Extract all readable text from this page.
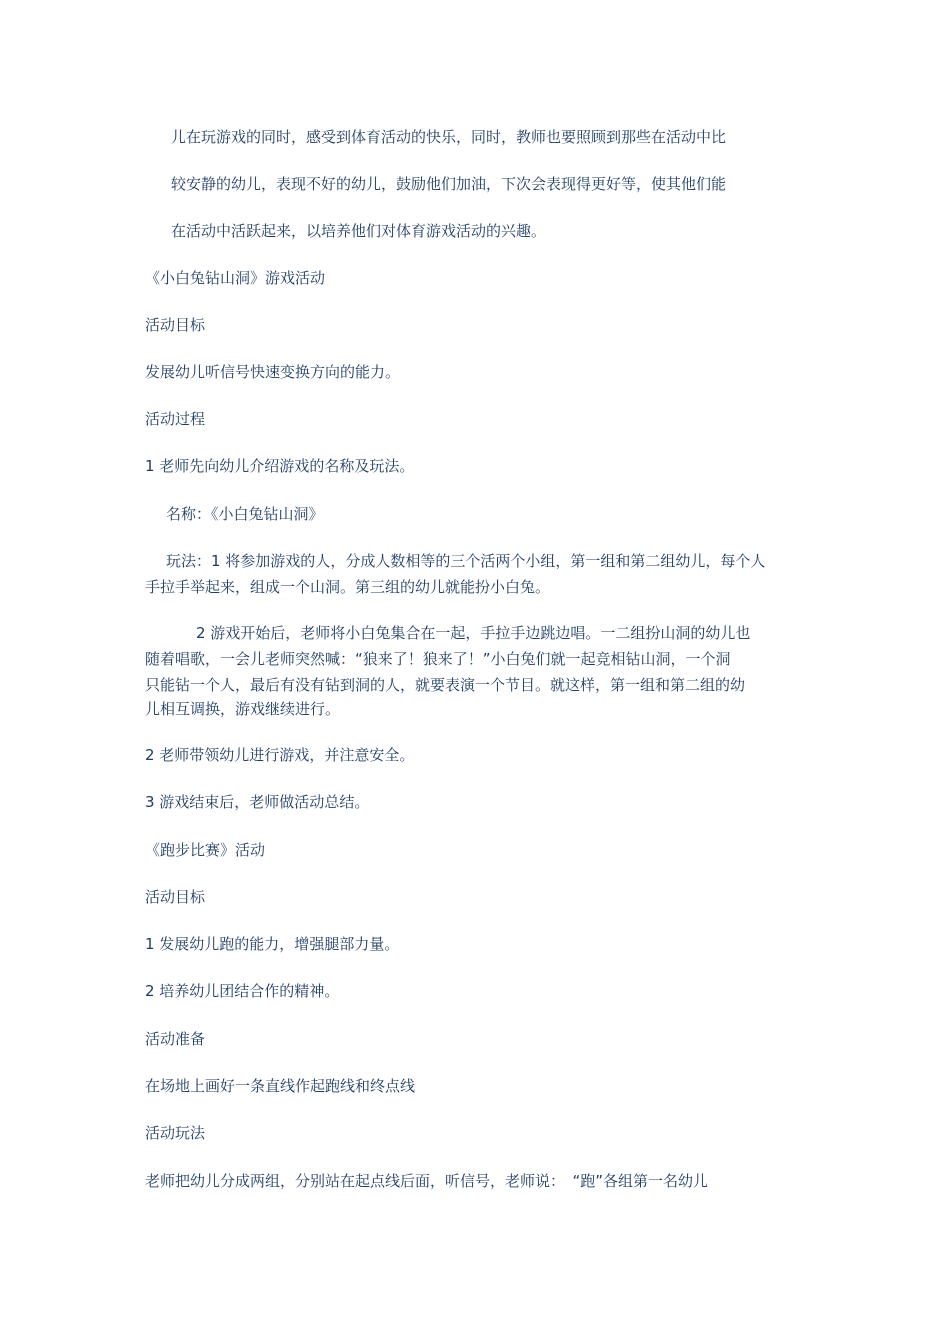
儿在玩游戏的同时，感受到体育活动的快乐，同时，教师也要照顾到那些在活动中比
较安静的幼儿，表现不好的幼儿，鼓励他们加油，下次会表现得更好等，使其他们能
在活动中活跃起来，以培养他们对体育游戏活动的兴趣。
《小白兔钻山洞》游戏活动
活动目标
发展幼儿听信号快速变换方向的能力。
活动过程
1 老师先向幼儿介绍游戏的名称及玩法。
名称：《小白兔钻山洞》
玩法：1 将参加游戏的人，分成人数相等的三个活两个小组，第一组和第二组幼儿，每个人
手拉手举起来，组成一个山洞。第三组的幼儿就能扮小白兔。
2 游戏开始后，老师将小白兔集合在一起，手拉手边跳边唱。一二组扮山洞的幼儿也
随着唱歌，一会儿老师突然喊：“狼来了！狼来了！”小白兔们就一起竞相钻山洞，一个洞
只能钻一个人，最后有没有钻到洞的人，就要表演一个节目。就这样，第一组和第二组的幼
儿相互调换，游戏继续进行。
2 老师带领幼儿进行游戏，并注意安全。
3 游戏结束后，老师做活动总结。
《跑步比赛》活动
活动目标
1 发展幼儿跑的能力，增强腿部力量。
2 培养幼儿团结合作的精神。
活动准备
在场地上画好一条直线作起跑线和终点线
活动玩法
老师把幼儿分成两组，分别站在起点线后面，听信号，老师说：　“跑”各组第一名幼儿
